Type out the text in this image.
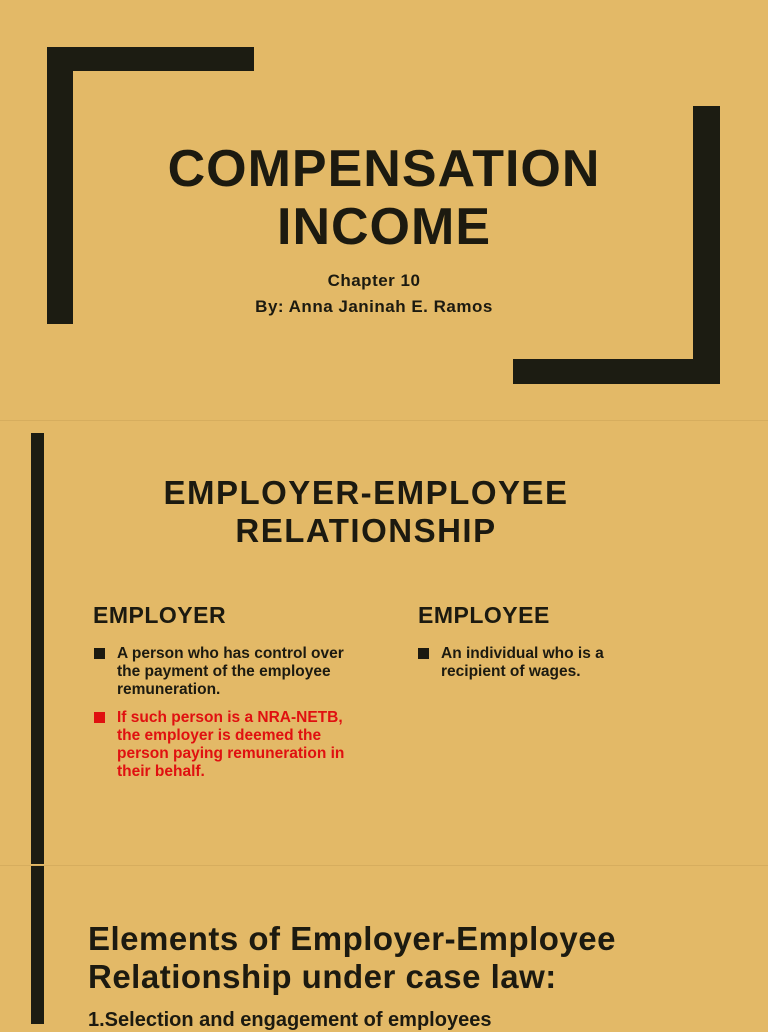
COMPENSATION
INCOME
Chapter 10
By: Anna Janinah E. Ramos
EMPLOYER-EMPLOYEE
RELATIONSHIP
EMPLOYER
A person who has control over the payment of the employee remuneration.
If such person is a NRA-NETB, the employer is deemed the person paying remuneration in their behalf.
EMPLOYEE
An individual who is a recipient of wages.
Elements of Employer-Employee
Relationship under case law:
1.Selection and engagement of employees
